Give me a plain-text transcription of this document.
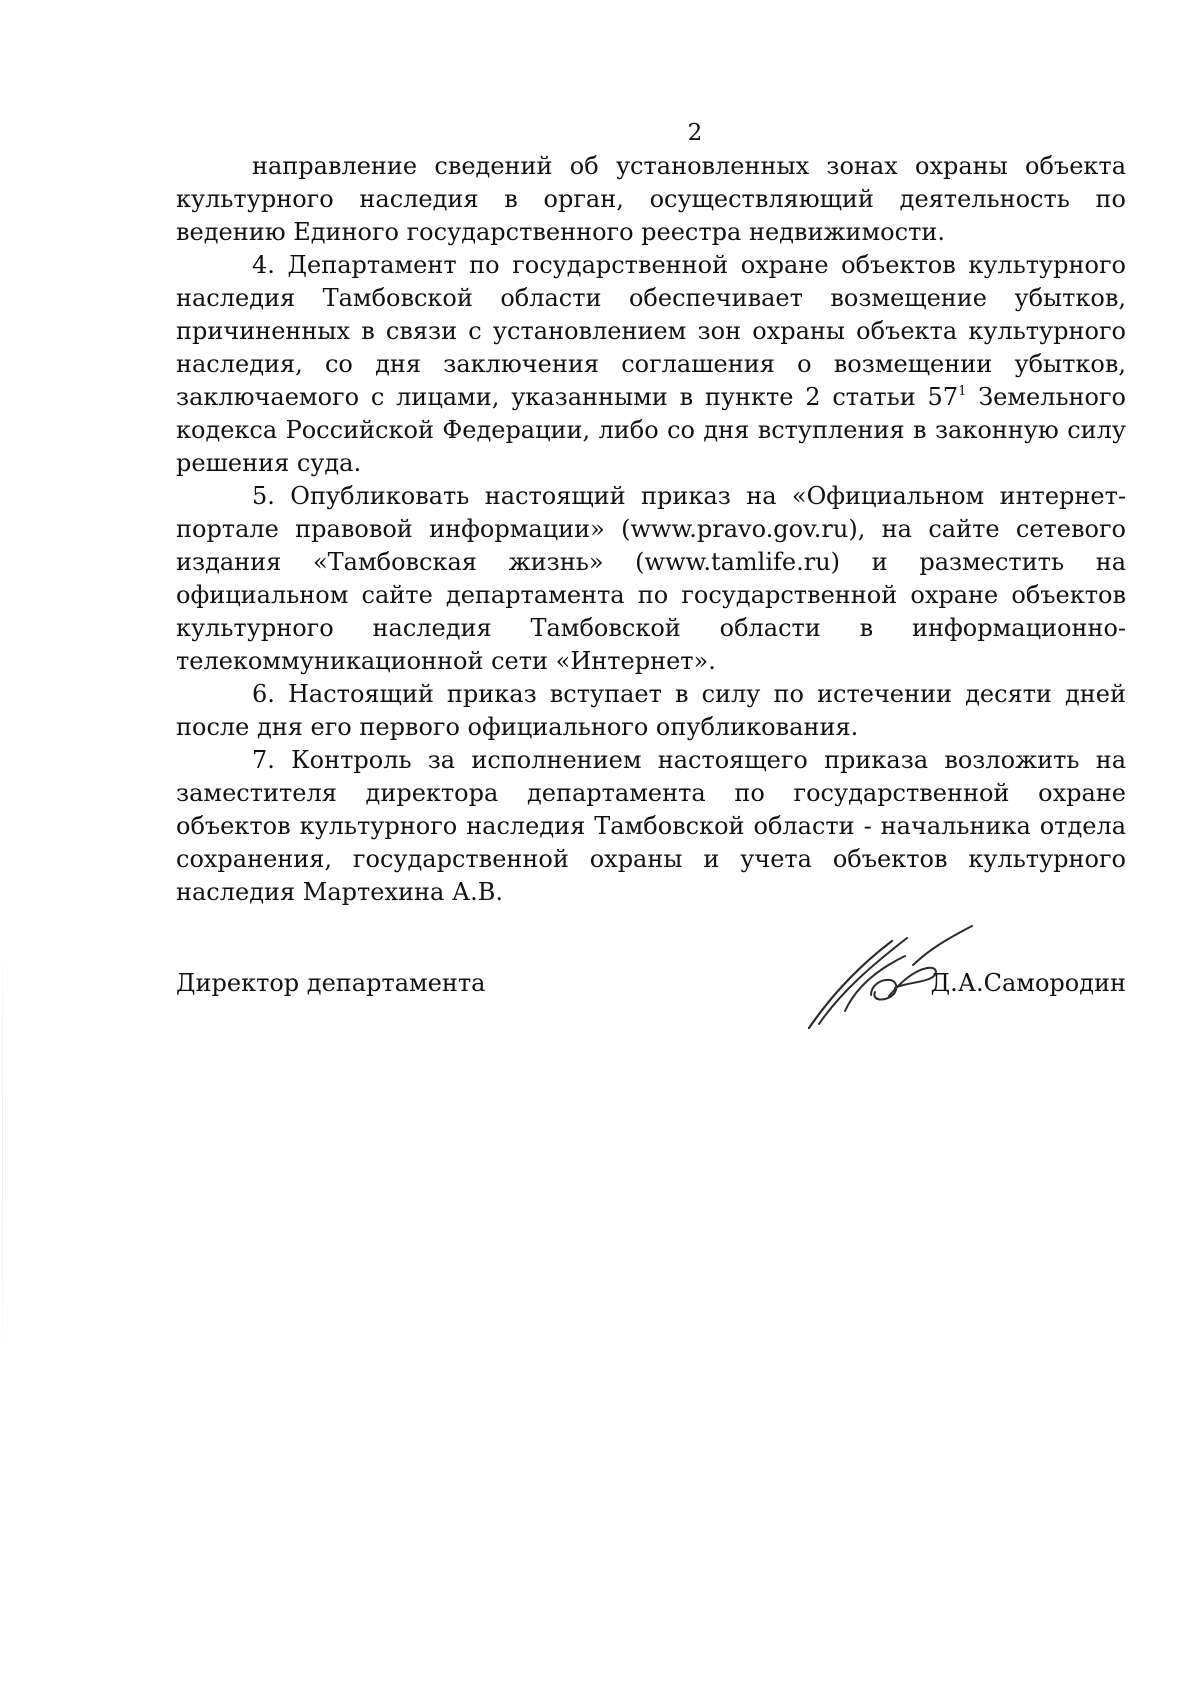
2

направление сведений об установленных зонах охраны объекта культурного наследия в орган, осуществляющий деятельность по ведению Единого государственного реестра недвижимости.

4. Департамент по государственной охране объектов культурного наследия Тамбовской области обеспечивает возмещение убытков, причиненных в связи с установлением зон охраны объекта культурного наследия, со дня заключения соглашения о возмещении убытков, заключаемого с лицами, указанными в пункте 2 статьи $57^1$ Земельного кодекса Российской Федерации, либо со дня вступления в законную силу решения суда.

5. Опубликовать настоящий приказ на «Официальном интернет-портале правовой информации» (www.pravo.gov.ru), на сайте сетевого издания «Тамбовская жизнь» (www.tamlife.ru) и разместить на официальном сайте департамента по государственной охране объектов культурного наследия Тамбовской области в информационно-телекоммуникационной сети «Интернет».

6. Настоящий приказ вступает в силу по истечении десяти дней после дня его первого официального опубликования.

7. Контроль за исполнением настоящего приказа возложить на заместителя директора департамента по государственной охране объектов культурного наследия Тамбовской области - начальника отдела сохранения, государственной охраны и учета объектов культурного наследия Мартехина А.В.

Директор департамента	Д.А.Самородин
